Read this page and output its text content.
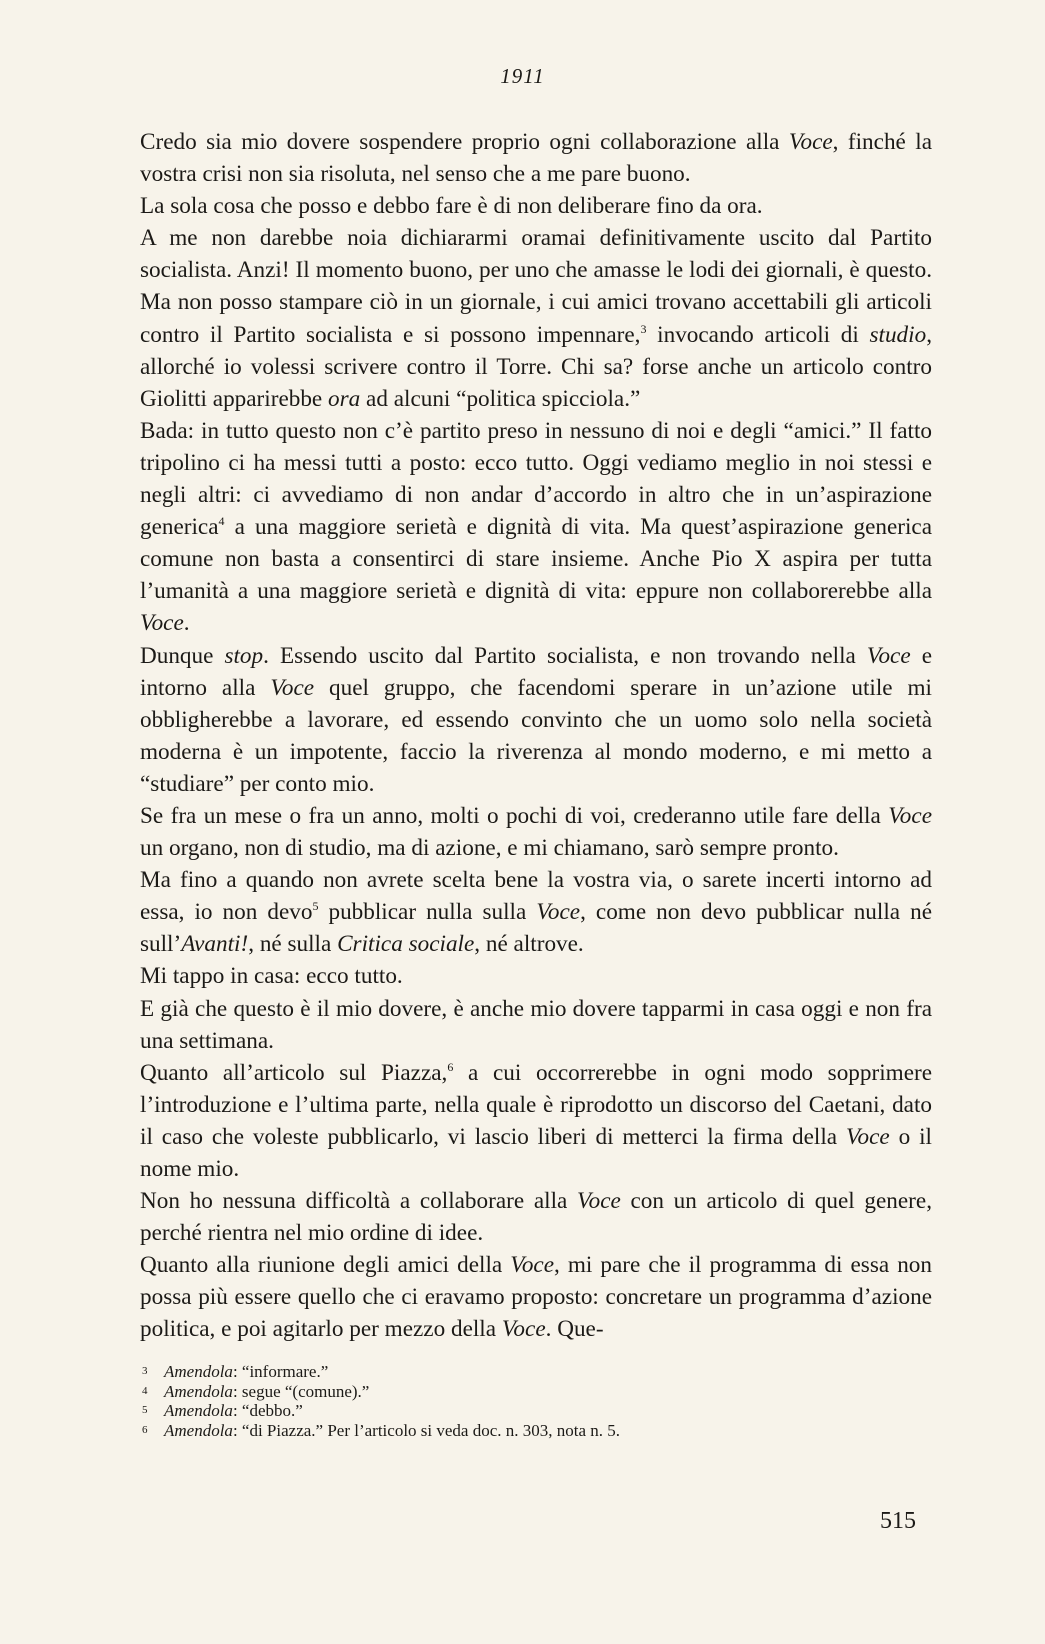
1911

Credo sia mio dovere sospendere proprio ogni collaborazione alla Voce, finché la vostra crisi non sia risoluta, nel senso che a me pare buono.

La sola cosa che posso e debbo fare è di non deliberare fino da ora.

A me non darebbe noia dichiararmi oramai definitivamente uscito dal Partito socialista. Anzi! Il momento buono, per uno che amasse le lodi dei giornali, è questo. Ma non posso stampare ciò in un giornale, i cui amici trovano accettabili gli articoli contro il Partito socialista e si possono impennare,$^3$ invocando articoli di studio, allorché io volessi scrivere contro il Torre. Chi sa? forse anche un articolo contro Giolitti apparirebbe ora ad alcuni “politica spicciola.”

Bada: in tutto questo non c’è partito preso in nessuno di noi e degli “amici.” Il fatto tripolino ci ha messi tutti a posto: ecco tutto. Oggi vediamo meglio in noi stessi e negli altri: ci avvediamo di non andar d’accordo in altro che in un’aspirazione generica$^4$ a una maggiore serietà e dignità di vita. Ma quest’aspirazione generica comune non basta a consentirci di stare insieme. Anche Pio X aspira per tutta l’umanità a una maggiore serietà e dignità di vita: eppure non collaborerebbe alla Voce.

Dunque stop. Essendo uscito dal Partito socialista, e non trovando nella Voce e intorno alla Voce quel gruppo, che facendomi sperare in un’azione utile mi obbligherebbe a lavorare, ed essendo convinto che un uomo solo nella società moderna è un impotente, faccio la riverenza al mondo moderno, e mi metto a “studiare” per conto mio.

Se fra un mese o fra un anno, molti o pochi di voi, crederanno utile fare della Voce un organo, non di studio, ma di azione, e mi chiamano, sarò sempre pronto.

Ma fino a quando non avrete scelta bene la vostra via, o sarete incerti intorno ad essa, io non devo$^5$ pubblicar nulla sulla Voce, come non devo pubblicar nulla né sull’Avanti!, né sulla Critica sociale, né altrove.

Mi tappo in casa: ecco tutto.

E già che questo è il mio dovere, è anche mio dovere tapparmi in casa oggi e non fra una settimana.

Quanto all’articolo sul Piazza,$^6$ a cui occorrerebbe in ogni modo sopprimere l’introduzione e l’ultima parte, nella quale è riprodotto un discorso del Caetani, dato il caso che voleste pubblicarlo, vi lascio liberi di metterci la firma della Voce o il nome mio.

Non ho nessuna difficoltà a collaborare alla Voce con un articolo di quel genere, perché rientra nel mio ordine di idee.

Quanto alla riunione degli amici della Voce, mi pare che il programma di essa non possa più essere quello che ci eravamo proposto: concretare un programma d’azione politica, e poi agitarlo per mezzo della Voce. Que-

3 Amendola: “informare.”
4 Amendola: segue “(comune).”
5 Amendola: “debbo.”
6 Amendola: “di Piazza.” Per l’articolo si veda doc. n. 303, nota n. 5.
515
